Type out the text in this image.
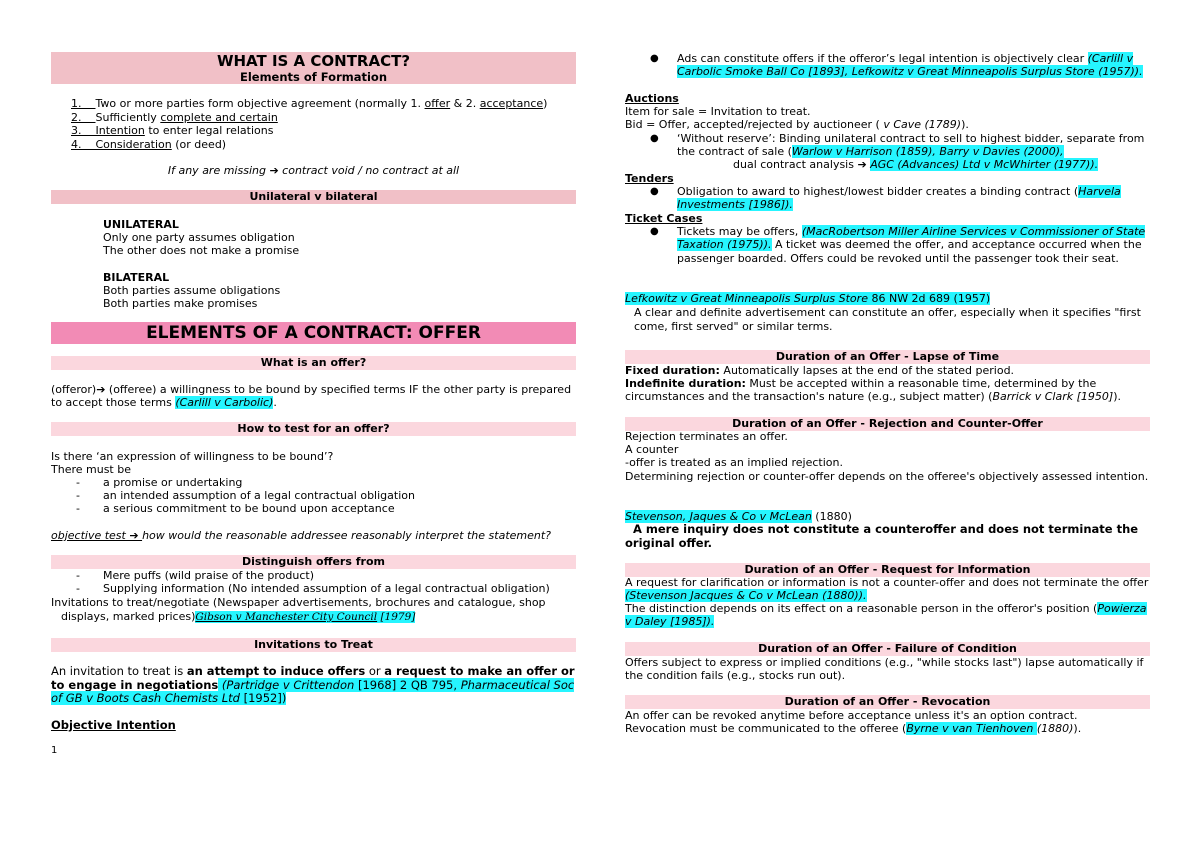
WHAT IS A CONTRACT?
Elements of Formation
1. Two or more parties form objective agreement (normally 1. offer & 2. acceptance)
2. Sufficiently complete and certain
3. Intention to enter legal relations
4. Consideration (or deed)
If any are missing ➔ contract void / no contract at all
Unilateral v bilateral
UNILATERAL
Only one party assumes obligation
The other does not make a promise
BILATERAL
Both parties assume obligations
Both parties make promises
ELEMENTS OF A CONTRACT: OFFER
What is an offer?
(offeror)➔ (offeree) a willingness to be bound by specified terms IF the other party is prepared to accept those terms (Carlill v Carbolic).
How to test for an offer?
Is there ‘an expression of willingness to be bound’?
There must be
- a promise or undertaking
- an intended assumption of a legal contractual obligation
- a serious commitment to be bound upon acceptance
objective test ➔ how would the reasonable addressee reasonably interpret the statement?
Distinguish offers from
- Mere puffs (wild praise of the product)
- Supplying information (No intended assumption of a legal contractual obligation)
Invitations to treat/negotiate (Newspaper advertisements, brochures and catalogue, shop
displays, marked prices)Gibson v Manchester City Council [1979]
Invitations to Treat
An invitation to treat is an attempt to induce offers or a request to make an offer or to engage in negotiations (Partridge v Crittendon [1968] 2 QB 795, Pharmaceutical Soc of GB v Boots Cash Chemists Ltd [1952])
Objective Intention
1
● Ads can constitute offers if the offeror’s legal intention is objectively clear (Carlill v Carbolic Smoke Ball Co [1893], Lefkowitz v Great Minneapolis Surplus Store (1957)).
Auctions
Item for sale = Invitation to treat.
Bid = Offer, accepted/rejected by auctioneer ( v Cave (1789)).
● ‘Without reserve’: Binding unilateral contract to sell to highest bidder, separate from the contract of sale (Warlow v Harrison (1859), Barry v Davies (2000),
dual contract analysis ➔ AGC (Advances) Ltd v McWhirter (1977)).
Tenders
● Obligation to award to highest/lowest bidder creates a binding contract (Harvela Investments [1986]).
Ticket Cases
● Tickets may be offers, (MacRobertson Miller Airline Services v Commissioner of State Taxation (1975)). A ticket was deemed the offer, and acceptance occurred when the passenger boarded. Offers could be revoked until the passenger took their seat.
Lefkowitz v Great Minneapolis Surplus Store 86 NW 2d 689 (1957)
A clear and definite advertisement can constitute an offer, especially when it specifies "first come, first served" or similar terms.
Duration of an Offer - Lapse of Time
Fixed duration: Automatically lapses at the end of the stated period.
Indefinite duration: Must be accepted within a reasonable time, determined by the circumstances and the transaction's nature (e.g., subject matter) (Barrick v Clark [1950]).
Duration of an Offer - Rejection and Counter-Offer
Rejection terminates an offer.
A counter
-offer is treated as an implied rejection.
Determining rejection or counter-offer depends on the offeree's objectively assessed intention.
Stevenson, Jaques & Co v McLean (1880)
A mere inquiry does not constitute a counteroffer and does not terminate the original offer.
Duration of an Offer - Request for Information
A request for clarification or information is not a counter-offer and does not terminate the offer (Stevenson Jacques & Co v McLean (1880)).
The distinction depends on its effect on a reasonable person in the offeror's position (Powierza v Daley [1985]).
Duration of an Offer - Failure of Condition
Offers subject to express or implied conditions (e.g., "while stocks last") lapse automatically if the condition fails (e.g., stocks run out).
Duration of an Offer - Revocation
An offer can be revoked anytime before acceptance unless it's an option contract.
Revocation must be communicated to the offeree (Byrne v van Tienhoven (1880)).
